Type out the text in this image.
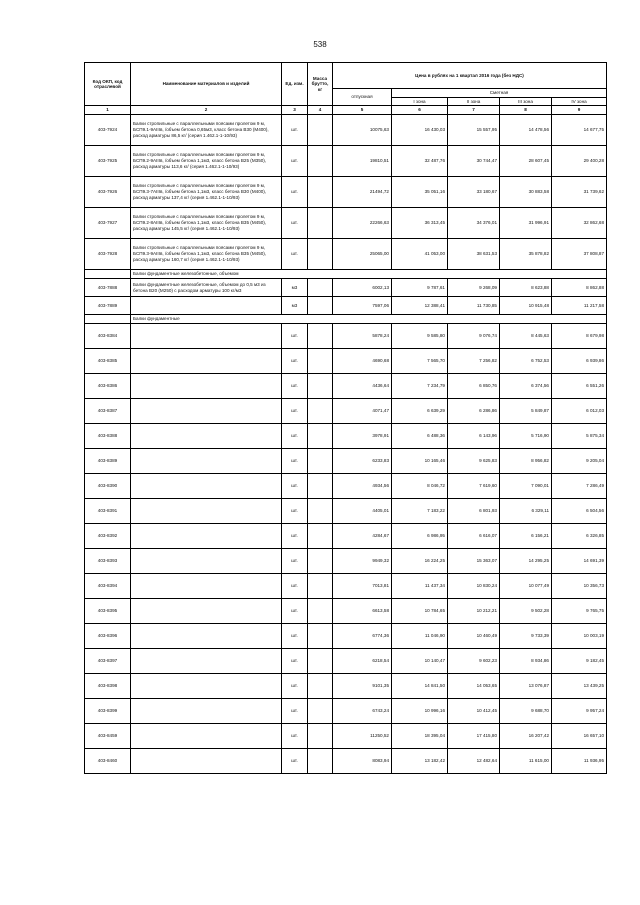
538
Код ОКП, код отраслевой	Наименование материалов и изделий	Ед. изм.	Масса брутто, кг	Цена в рублях на 1 квартал 2016 года (без НДС)				
				отпускная	Сметная			
					I зона	II зона	III зона	IV зона
1	2	3	4	5	6	7	8	9
403-7924	Балки стропильные с параллельными поясами пролетом 9 м, БСП9.1-9АIIIв, /объем бетона 0,65м3, класс бетона В30 (М400), расход арматуры 86,5 кг/ (серия 1.462.1-1-10/93)	шт.		10075,63	16 430,03	15 557,95	14 478,56	14 677,75
403-7925	Балки стропильные с параллельными поясами пролетом 9 м, БСП9.2-9АIIIв, /объем бетона 1,1м3, класс бетона В25 (М350), расход арматуры 113,6 кг/ (серия 1.462.1-1-10/93)	шт.		19810,51	32 487,76	30 744,47	28 607,45	29 400,28
403-7926	Балки стропильные с параллельными поясами пролетом 9 м, БСП9.3-7АIIIв, /объем бетона 1,1м3, класс бетона В30 (М400), расход арматуры 137,4 кг/ (серия 1.462.1-1-10/93)	шт.		21494,72	35 051,16	33 180,67	30 883,58	31 739,62
403-7927	Балки стропильные с параллельными поясами пролетом 9 м, БСП9.2-8АIIIв, /объем бетона 1,1м3, класс бетона В35 (М450), расход арматуры 145,5 кг/ (серия 1.462.1-1-10/93)	шт.		22266,63	36 313,45	34 376,01	31 996,91	32 862,68
403-7928	Балки стропильные с параллельными поясами пролетом 9 м, БСП9.3-9АIIIв, /объем бетона 1,1м3, класс бетона В35 (М450), расход арматуры 160,7 кг/ (серия 1.462.1-1-10/93)	шт.		25065,00	41 053,00	38 631,53	35 878,82	37 808,87
	Балки фундаментные железобетонные, объемом							
403-7888	Балки фундаментные железобетонные, объемом до 0,5 м3 из бетона В20 (М250) с расходом арматуры 100 кг/м3	м3		6002,13	9 787,61	9 268,09	8 623,88	8 862,88
403-7889		м3		7597,06	12 388,41	11 730,85	10 915,48	11 217,58
	Балки фундаментные							
403-8384		шт.		5878,24	9 585,80	9 076,74	8 445,63	8 679,98
403-8385		шт.		4690,68	7 565,70	7 256,82	6 752,53	6 939,86
403-8386		шт.		4436,64	7 234,79	6 850,76	6 374,56	6 551,26
403-8387		шт.		4071,47	6 639,29	6 286,86	5 849,87	6 012,03
403-8388		шт.		3978,91	6 488,36	6 143,96	5 716,90	5 875,34
403-8389		шт.		6233,83	10 165,46	9 625,83	8 956,82	9 205,04
403-8390		шт.		4934,56	8 046,72	7 619,60	7 090,01	7 286,49
403-8391		шт.		4405,01	7 183,22	6 801,93	6 329,11	6 504,56
403-8392		шт.		4284,67	6 986,95	6 616,07	6 156,21	6 326,85
403-8393		шт.		9949,32	16 224,25	15 363,07	14 295,25	14 691,39
403-8394		шт.		7013,81	11 437,34	10 830,24	10 077,49	10 356,73
403-8395		шт.		6613,58	10 784,65	10 212,21	9 502,28	9 765,75
403-8396		шт.		6774,36	11 046,90	10 460,49	9 733,39	10 003,19
403-8397		шт.		6218,54	10 140,47	9 602,23	8 934,86	9 182,45
403-8398		шт.		9101,35	14 841,50	14 053,65	13 076,87	13 439,25
403-8399		шт.		6743,24	10 996,16	10 412,45	9 688,70	9 957,24
403-8459		шт.		11250,52	18 395,04	17 415,80	16 207,42	16 657,10
403-8460		шт.		8083,94	13 182,42	12 482,64	11 615,00	11 936,95
